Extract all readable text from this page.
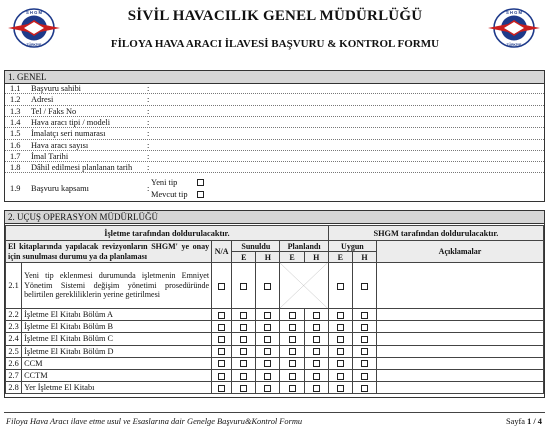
S H G M
TÜRKİYE
SİVİL HAVACILIK GENEL MÜDÜRLÜĞÜ
FİLOYA HAVA ARACI İLAVESİ BAŞVURU & KONTROL FORMU
S H G M
TÜRKİYE
1. GENEL
1.1 Başvuru sahibi	:
1.2 Adresi	:
1.3 Tel / Faks No	:
1.4 Hava aracı tipi / modeli	:
1.5 İmalatçı seri numarası	:
1.6 Hava aracı sayısı	:
1.7 İmal Tarihi	:
1.8 Dâhil edilmesi planlanan tarih :
1.9 Başvuru kapsamı	:
Yeni tip
Mevcut tip
2. UÇUŞ OPERASYON MÜDÜRLÜĞÜ
İşletme tarafından doldurulacaktır.							SHGM tarafından doldurulacaktır.		
El kitaplarında yapılacak revizyonların SHGM' ye onay için sunulması durumu ya da planlaması		N/A	Sunuldu		Planlandı		Uygun		Açıklamalar
			E	H	E	H	E	H	
2.1	Yeni tip eklenmesi durumunda işletmenin Emniyet Yönetim Sistemi değişim yönetimi prosedüründe belirtilen gerekliliklerin yerine getirilmesi				

2.2	İşletme El Kitabı Bölüm A								
2.3	İşletme El Kitabı Bölüm B								
2.4	İşletme El Kitabı Bölüm C								
2.5	İşletme El Kitabı Bölüm D								
2.6	CCM								
2.7	CCTM								
2.8	Yer İşletme El Kitabı								
Filoya Hava Aracı ilave etme usul ve Esaslarına dair Genelge Başvuru&Kontrol Formu	Sayfa 1 / 4
